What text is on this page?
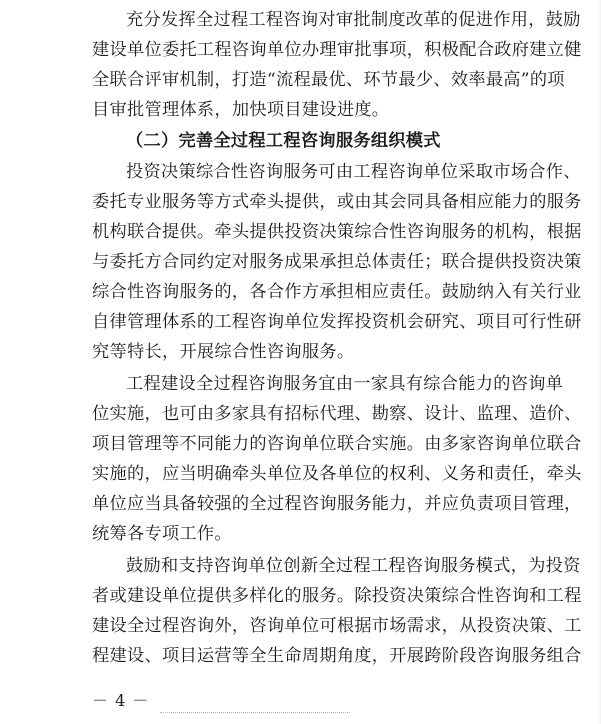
充分发挥全过程工程咨询对审批制度改革的促进作用，鼓励
建设单位委托工程咨询单位办理审批事项，积极配合政府建立健
全联合评审机制，打造“流程最优、环节最少、效率最高”的项
目审批管理体系，加快项目建设进度。
（二）完善全过程工程咨询服务组织模式
投资决策综合性咨询服务可由工程咨询单位采取市场合作、
委托专业服务等方式牵头提供，或由其会同具备相应能力的服务
机构联合提供。牵头提供投资决策综合性咨询服务的机构，根据
与委托方合同约定对服务成果承担总体责任；联合提供投资决策
综合性咨询服务的，各合作方承担相应责任。鼓励纳入有关行业
自律管理体系的工程咨询单位发挥投资机会研究、项目可行性研
究等特长，开展综合性咨询服务。
工程建设全过程咨询服务宜由一家具有综合能力的咨询单
位实施，也可由多家具有招标代理、勘察、设计、监理、造价、
项目管理等不同能力的咨询单位联合实施。由多家咨询单位联合
实施的，应当明确牵头单位及各单位的权利、义务和责任，牵头
单位应当具备较强的全过程咨询服务能力，并应负责项目管理，
统筹各专项工作。
鼓励和支持咨询单位创新全过程工程咨询服务模式，为投资
者或建设单位提供多样化的服务。除投资决策综合性咨询和工程
建设全过程咨询外，咨询单位可根据市场需求，从投资决策、工
程建设、项目运营等全生命周期角度，开展跨阶段咨询服务组合
－ 4 －
